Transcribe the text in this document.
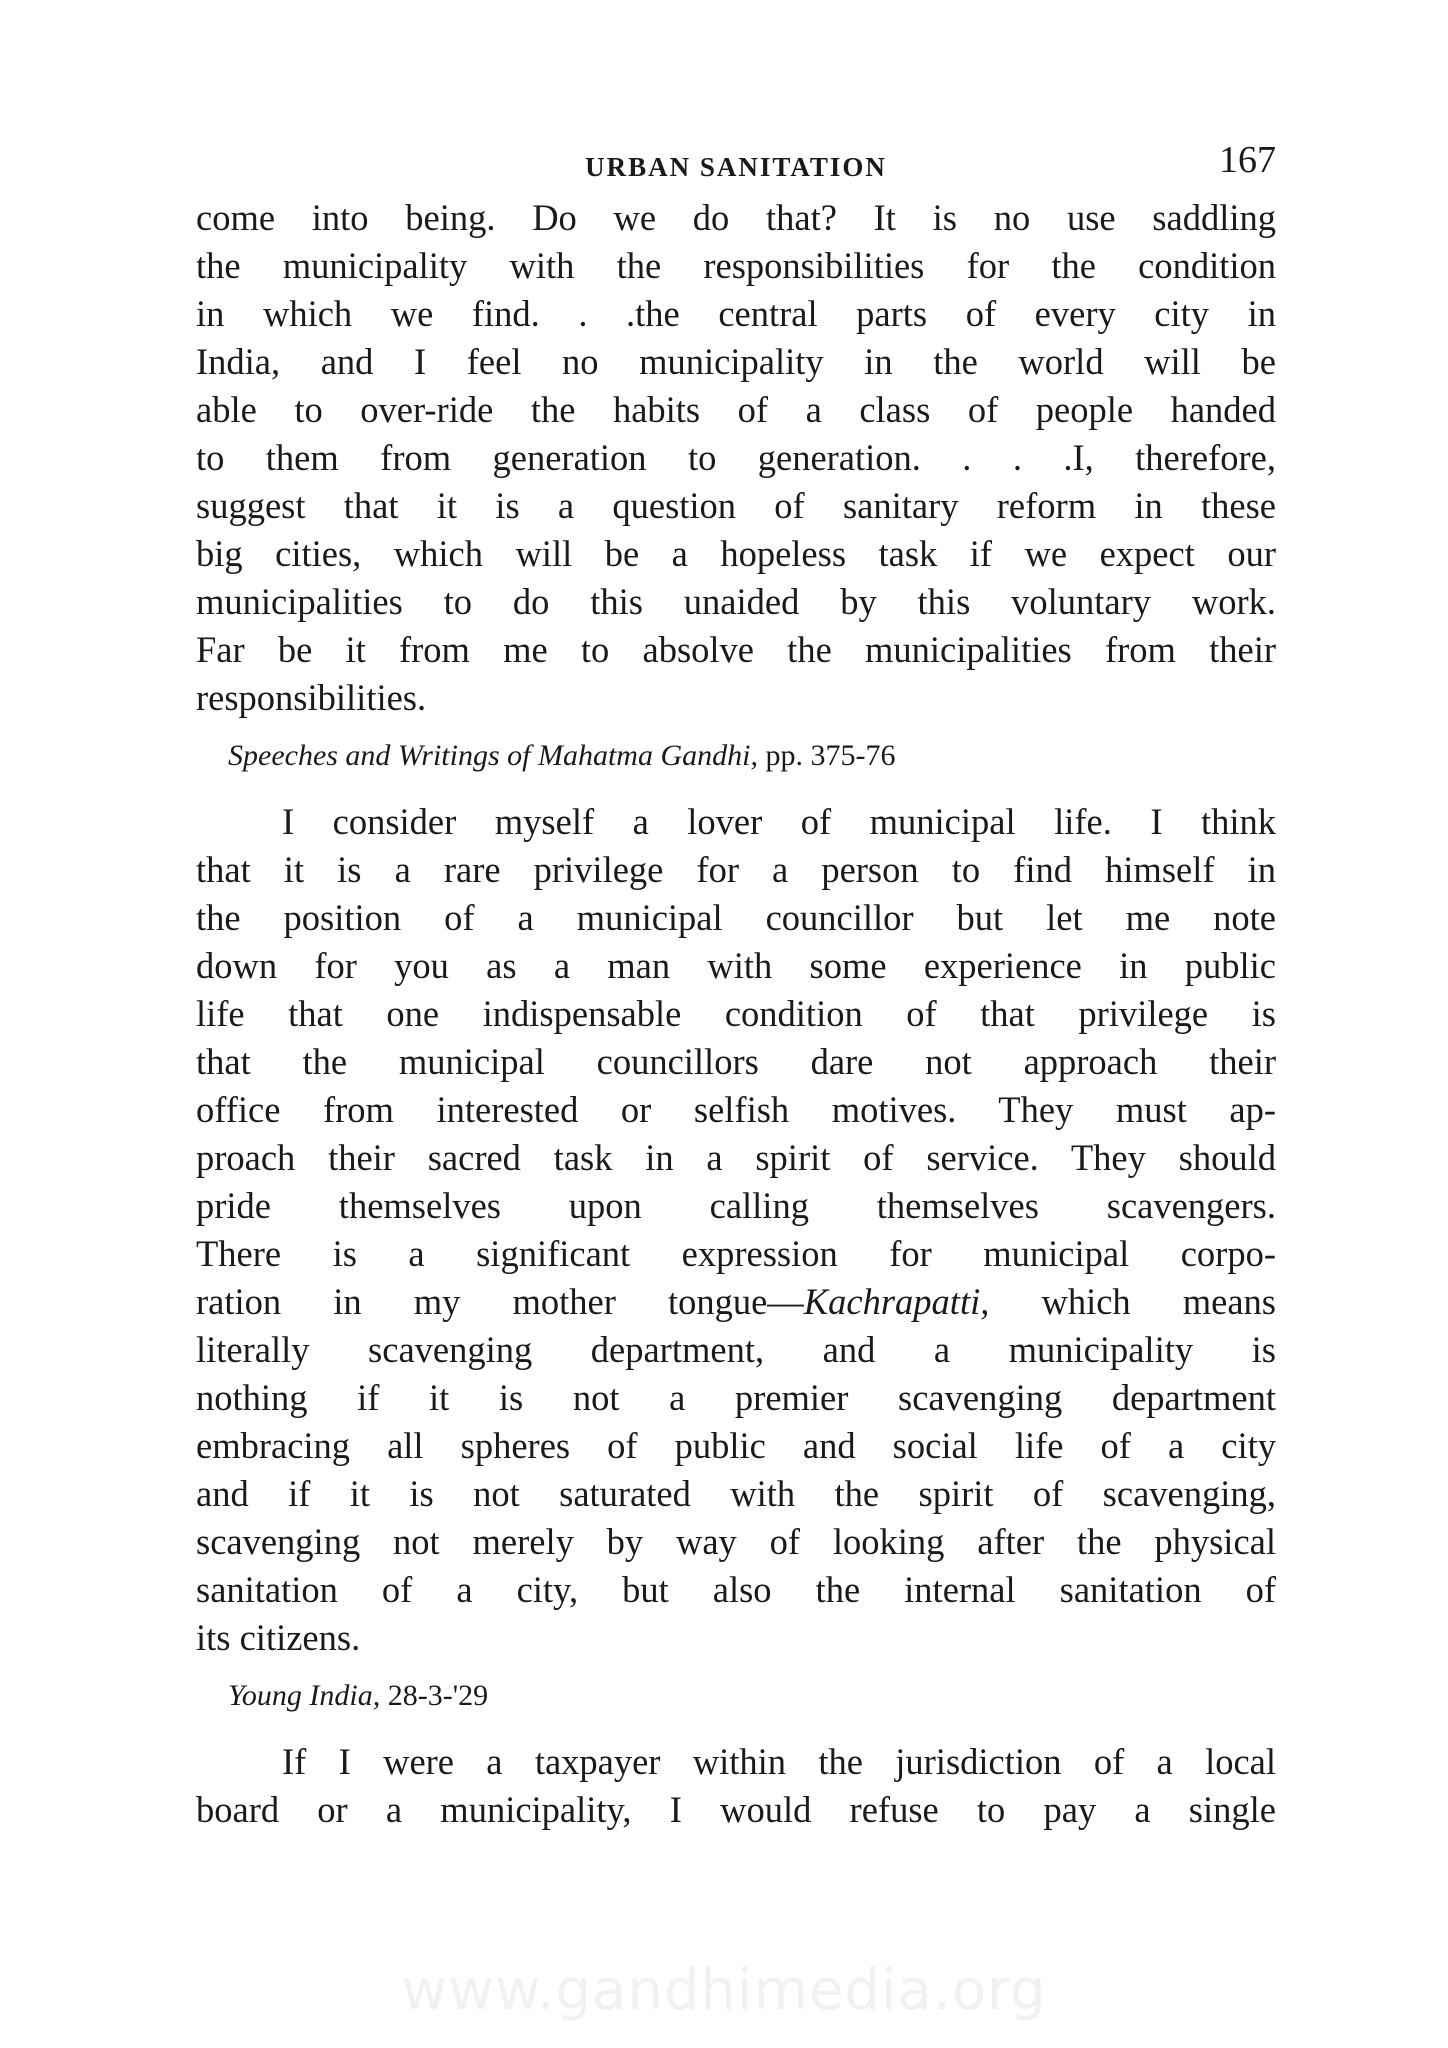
URBAN SANITATION	167
come into being. Do we do that? It is no use saddling
the municipality with the responsibilities for the condition
in which we find. . .the central parts of every city in
India, and I feel no municipality in the world will be
able to over-ride the habits of a class of people handed
to them from generation to generation. . . .I, therefore,
suggest that it is a question of sanitary reform in these
big cities, which will be a hopeless task if we expect our
municipalities to do this unaided by this voluntary work.
Far be it from me to absolve the municipalities from their
responsibilities.
Speeches and Writings of Mahatma Gandhi, pp. 375-76
I consider myself a lover of municipal life. I think
that it is a rare privilege for a person to find himself in
the position of a municipal councillor but let me note
down for you as a man with some experience in public
life that one indispensable condition of that privilege is
that the municipal councillors dare not approach their
office from interested or selfish motives. They must ap-
proach their sacred task in a spirit of service. They should
pride themselves upon calling themselves scavengers.
There is a significant expression for municipal corpo-
ration in my mother tongue—Kachrapatti, which means
literally scavenging department, and a municipality is
nothing if it is not a premier scavenging department
embracing all spheres of public and social life of a city
and if it is not saturated with the spirit of scavenging,
scavenging not merely by way of looking after the physical
sanitation of a city, but also the internal sanitation of
its citizens.
Young India, 28-3-'29
If I were a taxpayer within the jurisdiction of a local
board or a municipality, I would refuse to pay a single
www.gandhimedia.org
